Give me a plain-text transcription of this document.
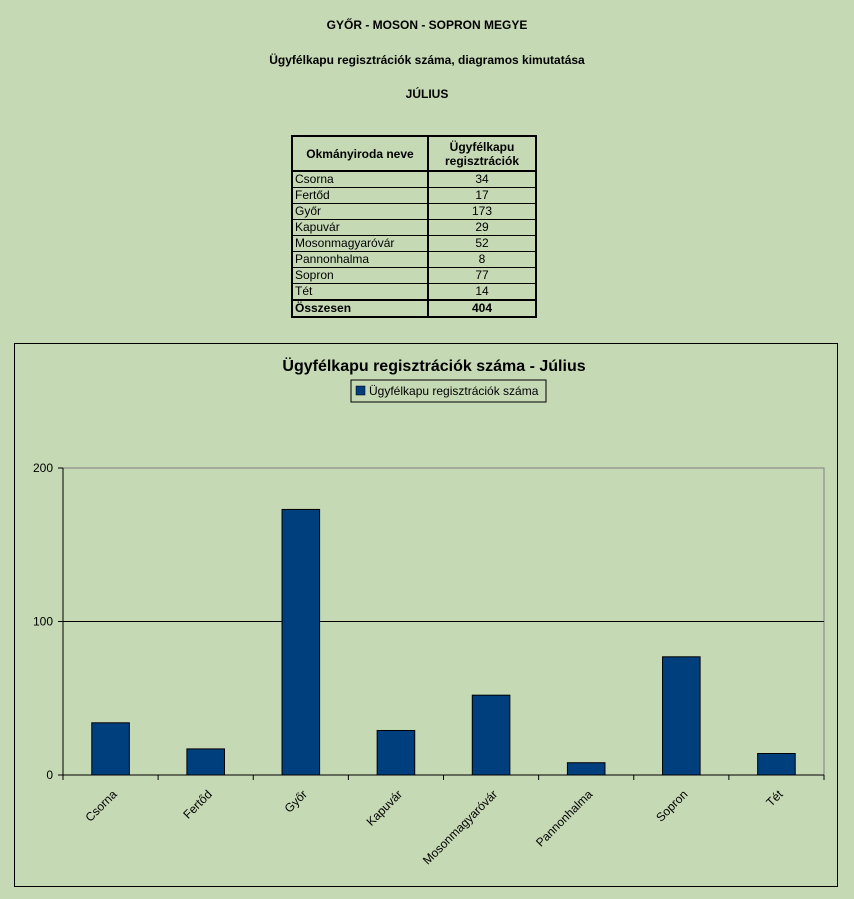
GYŐR - MOSON - SOPRON MEGYE
Ügyfélkapu regisztrációk száma, diagramos kimutatása
JÚLIUS
Okmányiroda neve	Ügyfélkapu
regisztrációk
Csorna	34
Fertőd	17
Győr	173
Kapuvár	29
Mosonmagyaróvár	52
Pannonhalma	8
Sopron	77
Tét	14
Összesen	404
Ügyfélkapu regisztrációk száma - Július
Ügyfélkapu regisztrációk száma
0
100
200
Csorna	Fertőd	Győr	Kapuvár Mosonmagyaróvár	Pannonhalma	Sopron	Tét
